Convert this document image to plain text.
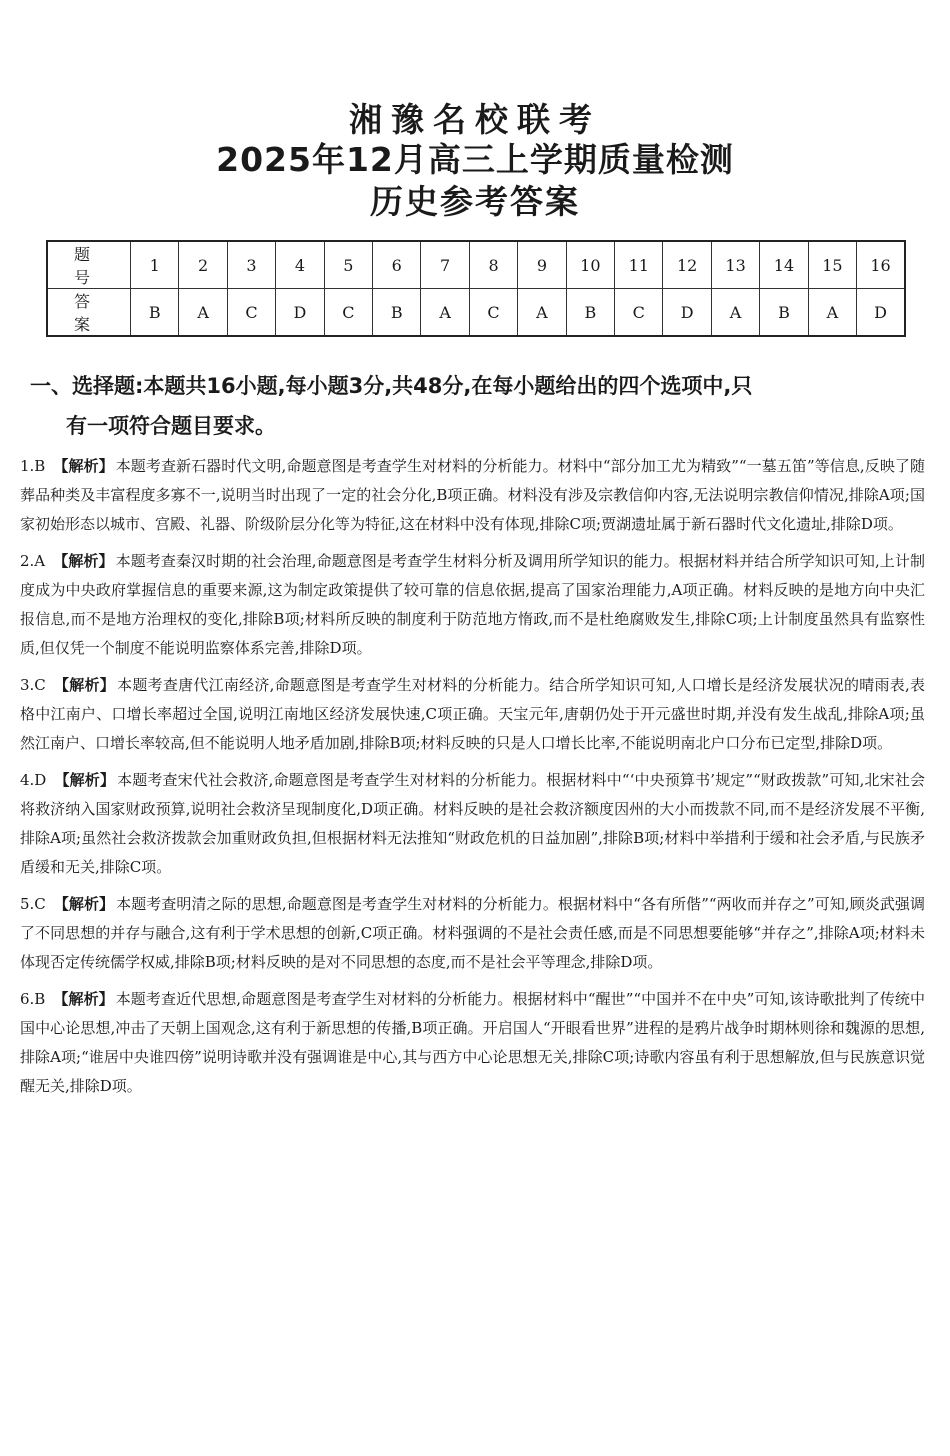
湘豫名校联考
2025年12月高三上学期质量检测
历史参考答案
题　号	1	2	3	4	5	6	7	8	9	10	11	12	13	14	15	16
答　案	B	A	C	D	C	B	A	C	A	B	C	D	A	B	A	D
一、选择题:本题共16小题,每小题3分,共48分,在每小题给出的四个选项中,只
有一项符合题目要求。
1.B 【解析】 本题考查新石器时代文明,命题意图是考查学生对材料的分析能力。材料中“部分加工尤为精致”“一墓五笛”等信息,反映了随葬品种类及丰富程度多寡不一,说明当时出现了一定的社会分化,B项正确。材料没有涉及宗教信仰内容,无法说明宗教信仰情况,排除A项;国家初始形态以城市、宫殿、礼器、阶级阶层分化等为特征,这在材料中没有体现,排除C项;贾湖遗址属于新石器时代文化遗址,排除D项。
2.A 【解析】 本题考查秦汉时期的社会治理,命题意图是考查学生材料分析及调用所学知识的能力。根据材料并结合所学知识可知,上计制度成为中央政府掌握信息的重要来源,这为制定政策提供了较可靠的信息依据,提高了国家治理能力,A项正确。材料反映的是地方向中央汇报信息,而不是地方治理权的变化,排除B项;材料所反映的制度利于防范地方惰政,而不是杜绝腐败发生,排除C项;上计制度虽然具有监察性质,但仅凭一个制度不能说明监察体系完善,排除D项。
3.C 【解析】 本题考查唐代江南经济,命题意图是考查学生对材料的分析能力。结合所学知识可知,人口增长是经济发展状况的晴雨表,表格中江南户、口增长率超过全国,说明江南地区经济发展快速,C项正确。天宝元年,唐朝仍处于开元盛世时期,并没有发生战乱,排除A项;虽然江南户、口增长率较高,但不能说明人地矛盾加剧,排除B项;材料反映的只是人口增长比率,不能说明南北户口分布已定型,排除D项。
4.D 【解析】 本题考查宋代社会救济,命题意图是考查学生对材料的分析能力。根据材料中“‘中央预算书’规定”“财政拨款”可知,北宋社会将救济纳入国家财政预算,说明社会救济呈现制度化,D项正确。材料反映的是社会救济额度因州的大小而拨款不同,而不是经济发展不平衡,排除A项;虽然社会救济拨款会加重财政负担,但根据材料无法推知“财政危机的日益加剧”,排除B项;材料中举措利于缓和社会矛盾,与民族矛盾缓和无关,排除C项。
5.C 【解析】 本题考查明清之际的思想,命题意图是考查学生对材料的分析能力。根据材料中“各有所偕”“两收而并存之”可知,顾炎武强调了不同思想的并存与融合,这有利于学术思想的创新,C项正确。材料强调的不是社会责任感,而是不同思想要能够“并存之”,排除A项;材料未体现否定传统儒学权威,排除B项;材料反映的是对不同思想的态度,而不是社会平等理念,排除D项。
6.B 【解析】 本题考查近代思想,命题意图是考查学生对材料的分析能力。根据材料中“醒世”“中国并不在中央”可知,该诗歌批判了传统中国中心论思想,冲击了天朝上国观念,这有利于新思想的传播,B项正确。开启国人“开眼看世界”进程的是鸦片战争时期林则徐和魏源的思想,排除A项;“谁居中央谁四傍”说明诗歌并没有强调谁是中心,其与西方中心论思想无关,排除C项;诗歌内容虽有利于思想解放,但与民族意识觉醒无关,排除D项。
